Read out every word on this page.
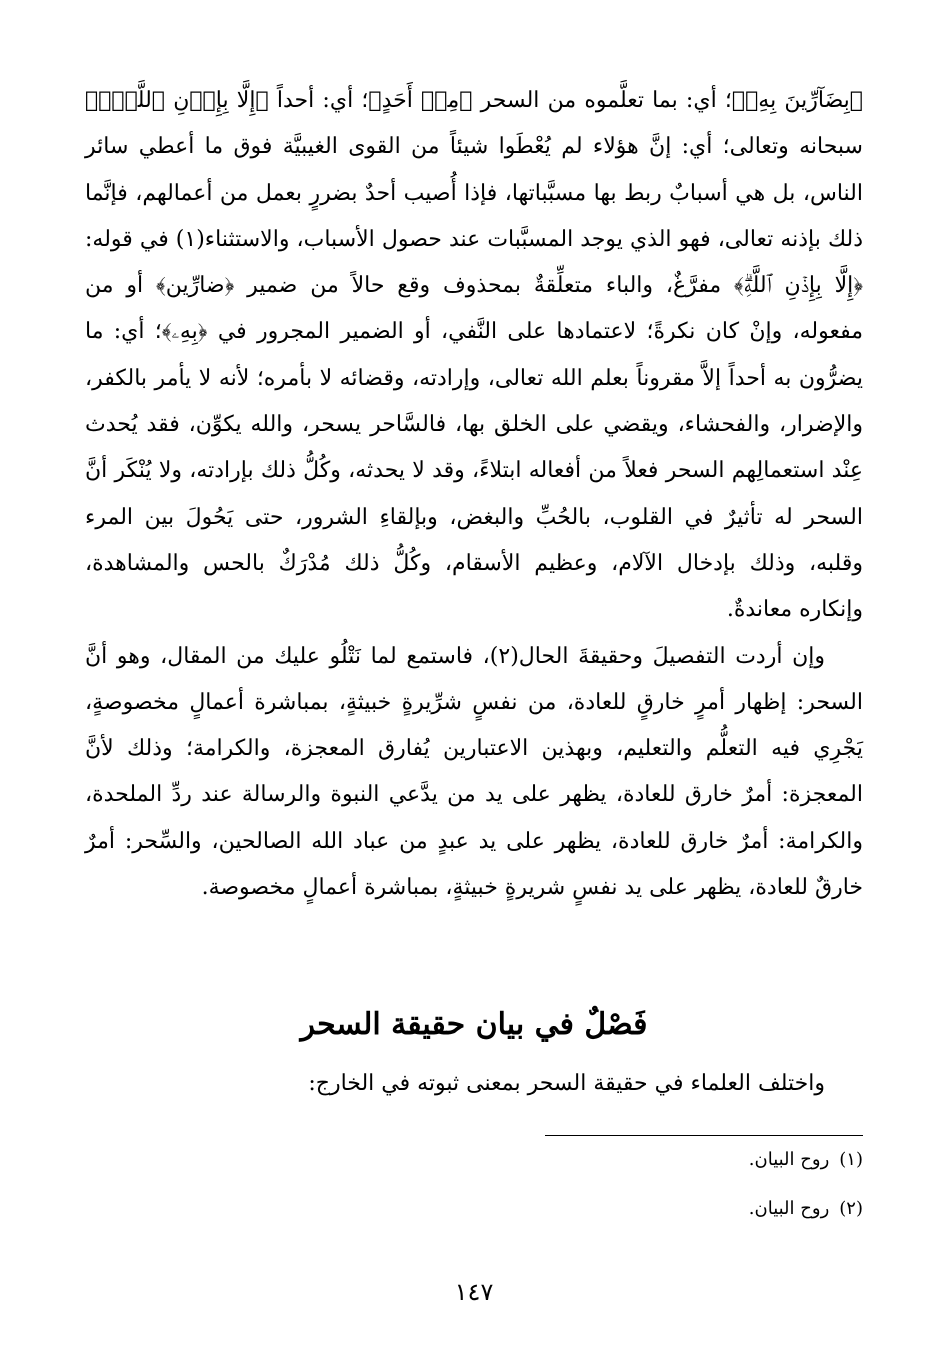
﴿بِضَآرِّينَ بِهِۦ﴾؛ أي: بما تعلَّموه من السحر ﴿مِنۡ أَحَدٍ﴾؛ أي: أحداً ﴿إِلَّا بِإِذۡنِ ٱللَّهِۗ﴾ سبحانه وتعالى؛ أي: إنَّ هؤلاء لم يُعْطَوا شيئاً من القوى الغيبيَّة فوق ما أعطي سائر الناس، بل هي أسبابٌ ربط بها مسبَّباتها، فإذا أُصيب أحدٌ بضررٍ بعمل من أعمالهم، فإنَّما ذلك بإذنه تعالى، فهو الذي يوجد المسبَّبات عند حصول الأسباب، والاستثناء(١) في قوله: ﴿إِلَّا بِإِذۡنِ ٱللَّهِۗ﴾ مفرَّغٌ، والباء متعلِّقةٌ بمحذوف وقع حالاً من ضمير ﴿ضارِّين﴾ أو من مفعوله، وإنْ كان نكرةً؛ لاعتمادها على النَّفي، أو الضمير المجرور في ﴿بِهِۦ﴾؛ أي: ما يضرُّون به أحداً إلاَّ مقروناً بعلم الله تعالى، وإرادته، وقضائه لا بأمره؛ لأنه لا يأمر بالكفر، والإضرار، والفحشاء، ويقضي على الخلق بها، فالسَّاحر يسحر، والله يكوِّن، فقد يُحدث عِنْد استعمالِهم السحر فعلاً من أفعاله ابتلاءً، وقد لا يحدثه، وكُلُّ ذلك بإرادته، ولا يُنْكَر أنَّ السحر له تأثيرٌ في القلوب، بالحُبِّ والبغض، وبإلقاءِ الشرور، حتى يَحُولَ بين المرء وقلبه، وذلك بإدخال الآلام، وعظيم الأسقام، وكُلُّ ذلك مُدْرَكٌ بالحس والمشاهدة، وإنكاره معاندةٌ.

وإن أردت التفصيلَ وحقيقةَ الحال(٢)، فاستمع لما نَتْلُو عليك من المقال، وهو أنَّ السحر: إظهار أمرٍ خارقٍ للعادة، من نفسٍ شرِّيرةٍ خبيثةٍ، بمباشرة أعمالٍ مخصوصةٍ، يَجْرِي فيه التعلُّم والتعليم، وبهذين الاعتبارين يُفارق المعجزة، والكرامة؛ وذلك لأنَّ المعجزة: أمرٌ خارق للعادة، يظهر على يد من يدَّعي النبوة والرسالة عند ردِّ الملحدة، والكرامة: أمرٌ خارق للعادة، يظهر على يد عبدٍ من عباد الله الصالحين، والسِّحر: أمرٌ خارقٌ للعادة، يظهر على يد نفسٍ شريرةٍ خبيثةٍ، بمباشرة أعمالٍ مخصوصة.

فَصْلٌ في بيان حقيقة السحر

واختلف العلماء في حقيقة السحر بمعنى ثبوته في الخارج:

(١)
روح البيان.

(٢)
روح البيان.

١٤٧
